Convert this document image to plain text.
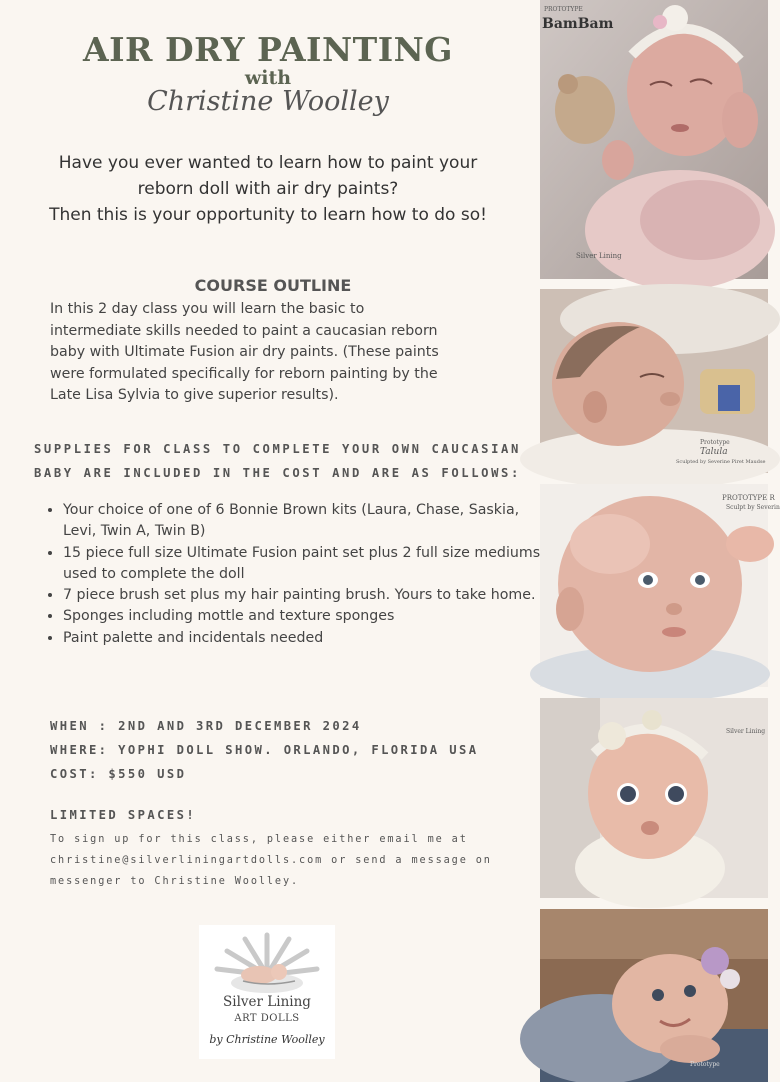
AIR DRY PAINTING
with
Christine Woolley
Have you ever wanted to learn how to paint your
reborn doll with air dry paints?
Then this is your opportunity to learn how to do so!
COURSE OUTLINE
In this 2 day class you will learn the basic to
intermediate skills needed to paint a caucasian reborn
baby with Ultimate Fusion air dry paints. (These paints
were formulated specifically for reborn painting by the
Late Lisa Sylvia to give superior results).
SUPPLIES FOR CLASS TO COMPLETE YOUR OWN CAUCASIAN
BABY ARE INCLUDED IN THE COST AND ARE AS FOLLOWS:
• Your choice of one of 6 Bonnie Brown kits (Laura, Chase, Saskia, Levi, Twin A, Twin B)
• 15 piece full size Ultimate Fusion paint set plus 2 full size mediums used to complete the doll
• 7 piece brush set plus my hair painting brush. Yours to take home.
• Sponges including mottle and texture sponges
• Paint palette and incidentals needed
WHEN : 2ND AND 3RD DECEMBER 2024
WHERE: YOPHI DOLL SHOW. ORLANDO, FLORIDA USA
COST: $550 USD
LIMITED SPACES!
To sign up for this class, please either email me at
christine@silverliningartdolls.com or send a message on
messenger to Christine Woolley.
Silver Lining
ART DOLLS
by Christine Woolley
PROTOTYPE
BamBam
Silver Lining
Prototype
Talula
Sculpted by Severine Piret Maudse
PROTOTYPE R
Sculpt by Severin
Silver Lining
Prototype
